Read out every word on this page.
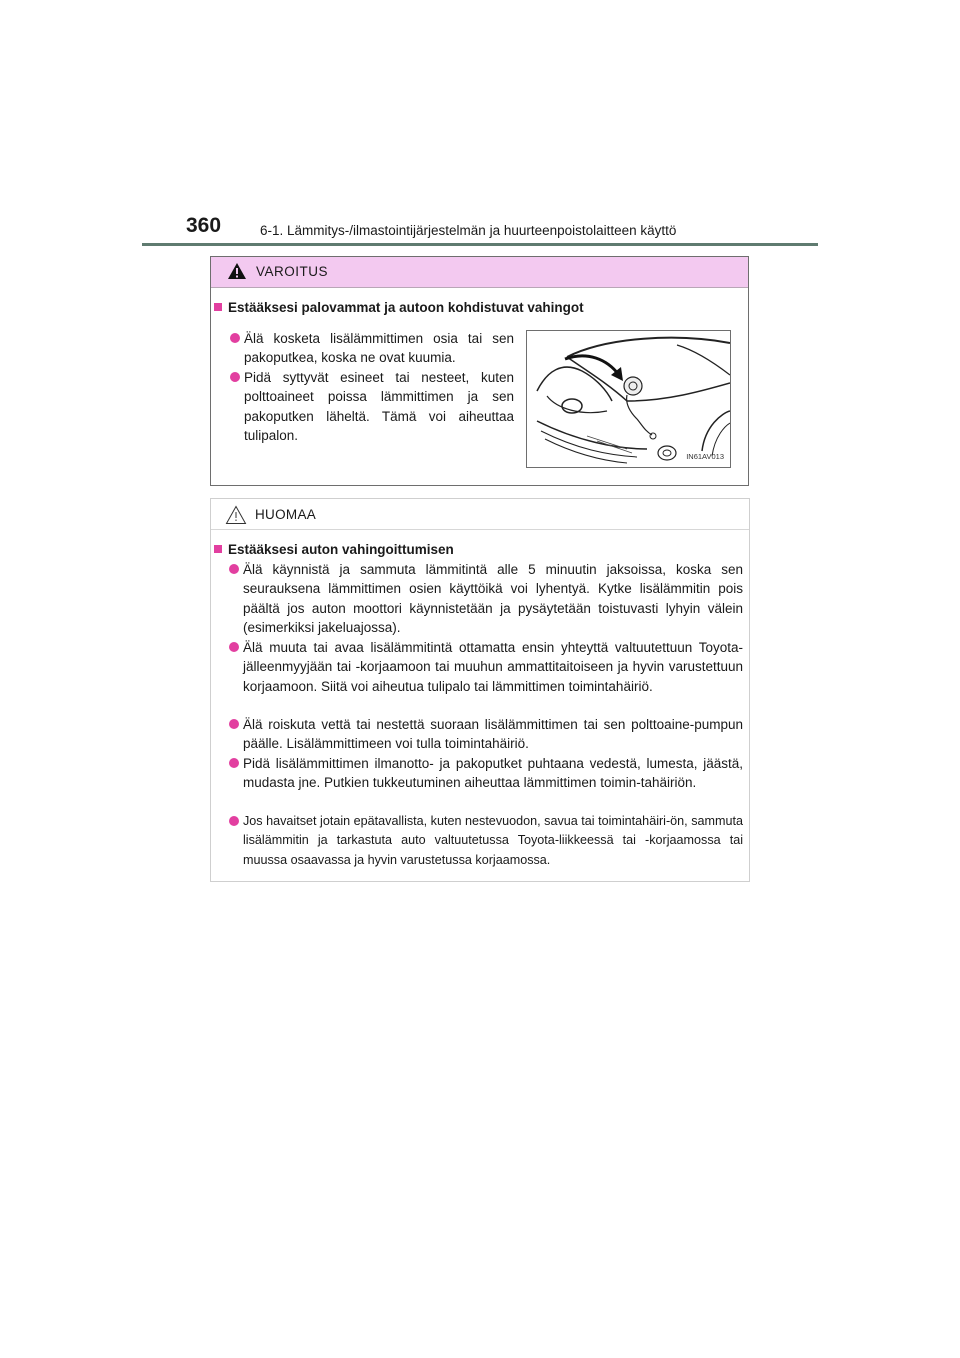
360	6-1. Lämmitys-/ilmastointijärjestelmän ja huurteenpoistolaitteen käyttö
VAROITUS
Estääksesi palovammat ja autoon kohdistuvat vahingot
Älä kosketa lisälämmittimen osia tai sen pakoputkea, koska ne ovat kuumia.
Pidä syttyvät esineet tai nesteet, kuten polttoaineet poissa lämmittimen ja sen pakoputken läheltä. Tämä voi aiheuttaa tulipalon.
IN61AV013
HUOMAA
Estääksesi auton vahingoittumisen
Älä käynnistä ja sammuta lämmitintä alle 5 minuutin jaksoissa, koska sen seurauksena lämmittimen osien käyttöikä voi lyhentyä. Kytke lisälämmitin pois päältä jos auton moottori käynnistetään ja pysäytetään toistuvasti lyhyin välein (esimerkiksi jakeluajossa).
Älä muuta tai avaa lisälämmitintä ottamatta ensin yhteyttä valtuutettuun Toyota-jälleenmyyjään tai -korjaamoon tai muuhun ammattitaitoiseen ja hyvin varustettuun korjaamoon. Siitä voi aiheutua tulipalo tai lämmittimen toimintahäiriö.
Älä roiskuta vettä tai nestettä suoraan lisälämmittimen tai sen polttoaine-pumpun päälle. Lisälämmittimeen voi tulla toimintahäiriö.
Pidä lisälämmittimen ilmanotto- ja pakoputket puhtaana vedestä, lumesta, jäästä, mudasta jne. Putkien tukkeutuminen aiheuttaa lämmittimen toimin-tahäiriön.
Jos havaitset jotain epätavallista, kuten nestevuodon, savua tai toimintahäiri-ön, sammuta lisälämmitin ja tarkastuta auto valtuutetussa Toyota-liikkeessä tai -korjaamossa tai muussa osaavassa ja hyvin varustetussa korjaamossa.
